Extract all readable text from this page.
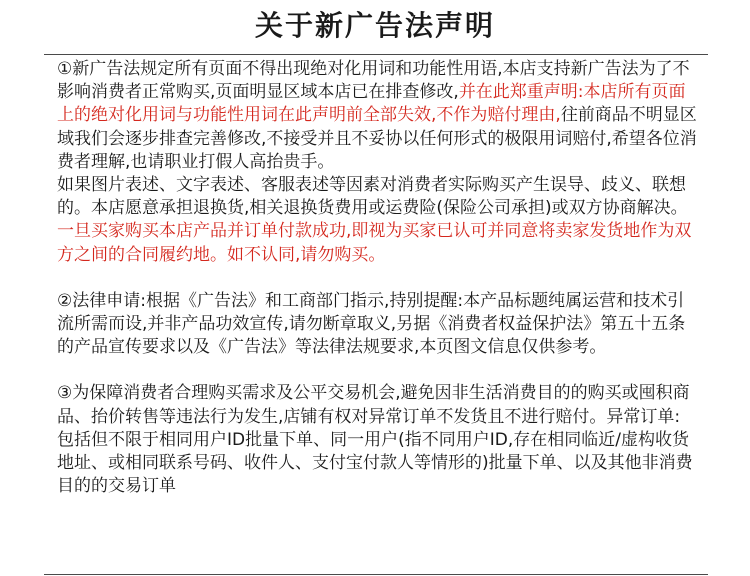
关于新广告法声明

①新广告法规定所有页面不得出现绝对化用词和功能性用语,本店支持新广告法为了不影响消费者正常购买,页面明显区域本店已在排查修改,并在此郑重声明:本店所有页面上的绝对化用词与功能性用词在此声明前全部失效,不作为赔付理由,往前商品不明显区域我们会逐步排查完善修改,不接受并且不妥协以任何形式的极限用词赔付,希望各位消费者理解,也请职业打假人高抬贵手。

如果图片表述、文字表述、客服表述等因素对消费者实际购买产生误导、歧义、联想的。本店愿意承担退换货,相关退换货费用或运费险(保险公司承担)或双方协商解决。

一旦买家购买本店产品并订单付款成功,即视为买家已认可并同意将卖家发货地作为双方之间的合同履约地。如不认同,请勿购买。

②法律申请:根据《广告法》和工商部门指示,持别提醒:本产品标题纯属运营和技术引流所需而设,并非产品功效宣传,请勿断章取义,另据《消费者权益保护法》第五十五条的产品宣传要求以及《广告法》等法律法规要求,本页图文信息仅供参考。

③为保障消费者合理购买需求及公平交易机会,避免因非生活消费目的的购买或囤积商品、抬价转售等违法行为发生,店铺有权对异常订单不发货且不进行赔付。异常订单:包括但不限于相同用户ID批量下单、同一用户(指不同用户ID,存在相同临近/虚构收货地址、或相同联系号码、收件人、支付宝付款人等情形的)批量下单、以及其他非消费目的的交易订单
